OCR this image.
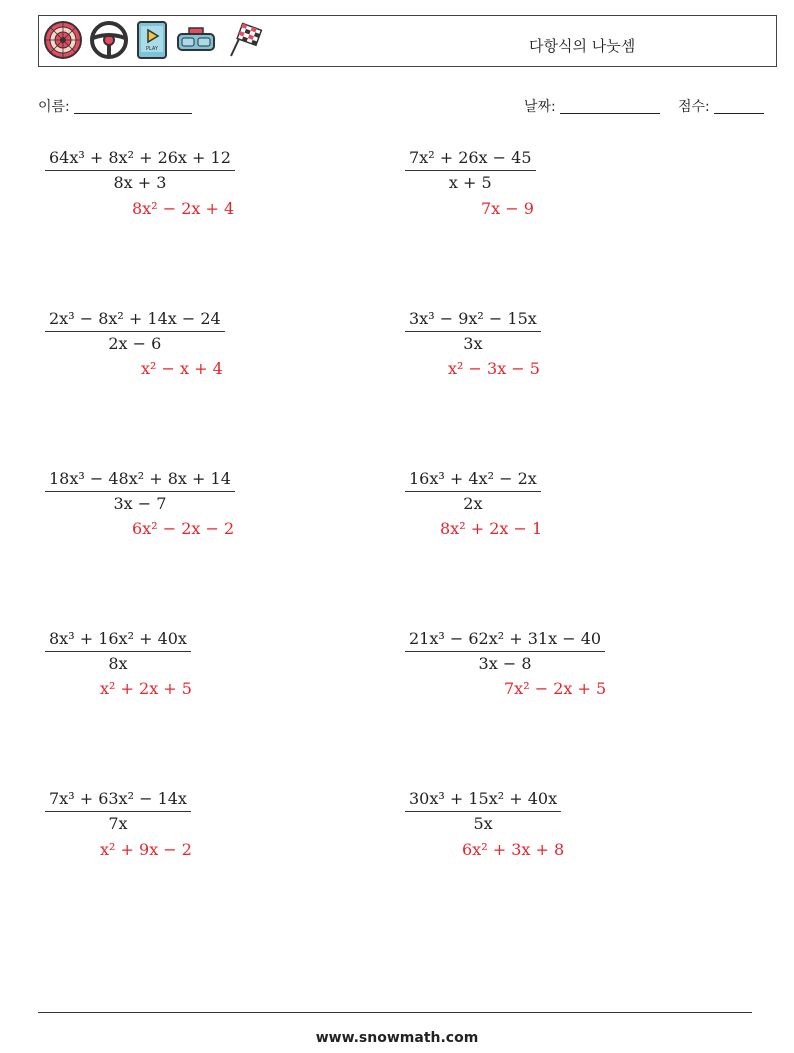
PLAY	다항식의 나눗셈
이름:	날짜:	점수:
$\frac{\text{64x³ + 8x² + 26x + 12}}{8x + 3}$
8x² − 2x + 4
$\frac{\text{2x³ − 8x² + 14x − 24}}{2x - 6}$
x² − x + 4
$\frac{\text{18x³ − 48x² + 8x + 14}}{3x - 7}$
6x² − 2x − 2
$\frac{\text{8x³ + 16x² + 40x}}{8x}$
x² + 2x + 5
$\frac{\text{7x³ + 63x² − 14x}}{7x}$
x² + 9x − 2
$\frac{\text{7x² + 26x − 45}}{x + 5}$
7x − 9
$\frac{\text{3x³ − 9x² − 15x}}{3x}$
x² − 3x − 5
$\frac{\text{16x³ + 4x² − 2x}}{2x}$
8x² + 2x − 1
$\frac{\text{21x³ − 62x² + 31x − 40}}{3x - 8}$
7x² − 2x + 5
$\frac{\text{30x³ + 15x² + 40x}}{5x}$
6x² + 3x + 8
www.snowmath.com
